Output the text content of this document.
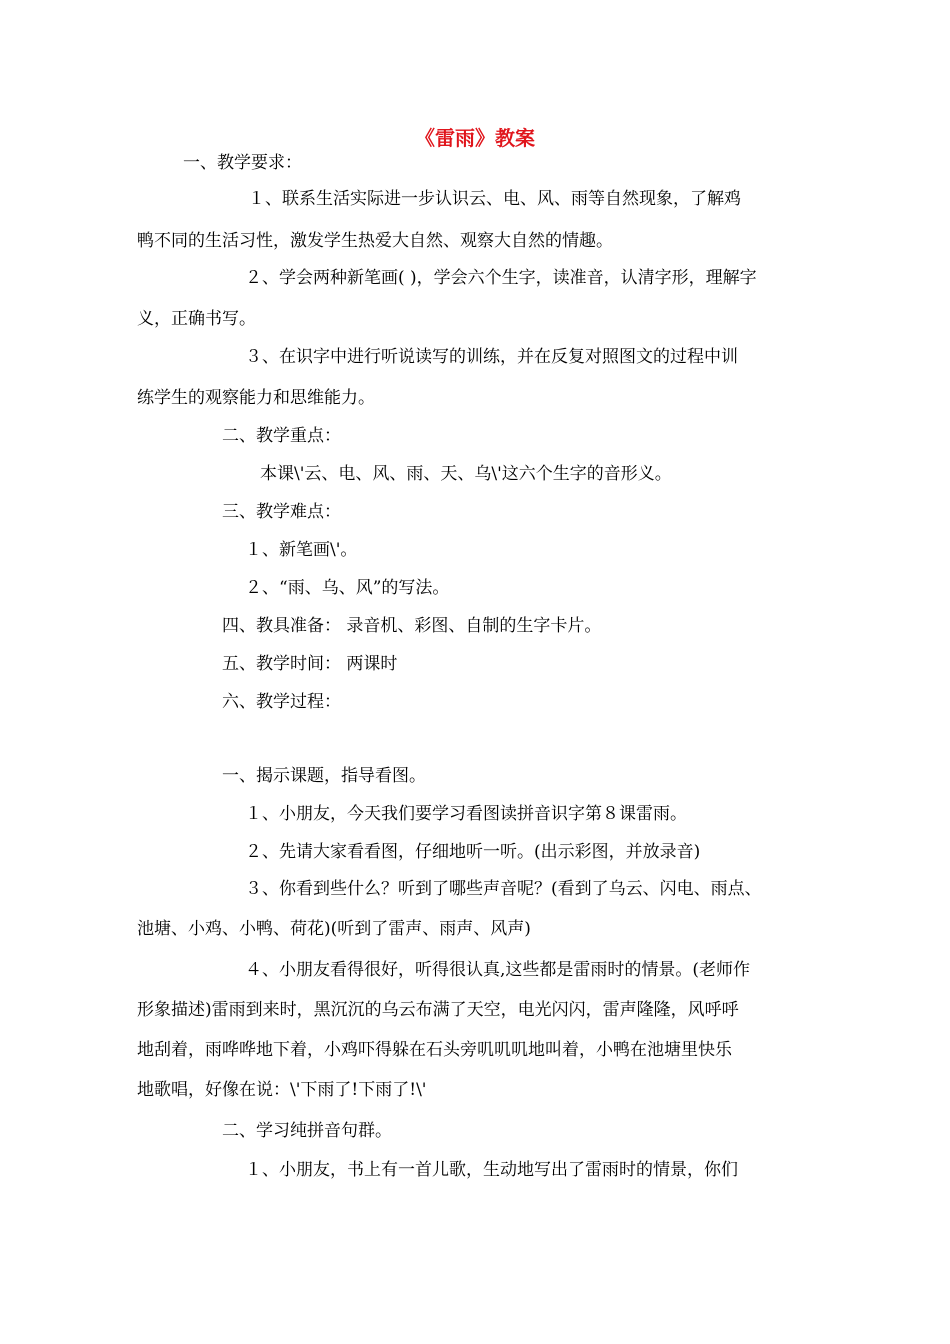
《雷雨》教案
一、教学要求：
１、联系生活实际进一步认识云、电、风、雨等自然现象，了解鸡
鸭不同的生活习性，激发学生热爱大自然、观察大自然的情趣。
２、学会两种新笔画( )，学会六个生字，读准音，认清字形，理解字
义，正确书写。
３、在识字中进行听说读写的训练，并在反复对照图文的过程中训
练学生的观察能力和思维能力。
二、教学重点：
本课\'云、电、风、雨、天、乌\'这六个生字的音形义。
三、教学难点：
１、新笔画\'。
２、“雨、乌、风”的写法。
四、教具准备： 录音机、彩图、自制的生字卡片。
五、教学时间： 两课时
六、教学过程：
一、揭示课题，指导看图。
１、小朋友，今天我们要学习看图读拼音识字第８课雷雨。
２、先请大家看看图，仔细地听一听。(出示彩图，并放录音)
３、你看到些什么？听到了哪些声音呢？(看到了乌云、闪电、雨点、
池塘、小鸡、小鸭、荷花)(听到了雷声、雨声、风声)
４、小朋友看得很好，听得很认真,这些都是雷雨时的情景。(老师作
形象描述)雷雨到来时，黑沉沉的乌云布满了天空，电光闪闪，雷声隆隆，风呼呼
地刮着，雨哗哗地下着，小鸡吓得躲在石头旁叽叽叽地叫着，小鸭在池塘里快乐
地歌唱，好像在说：\'下雨了!下雨了!\'
二、学习纯拼音句群。
１、小朋友，书上有一首儿歌，生动地写出了雷雨时的情景，你们
